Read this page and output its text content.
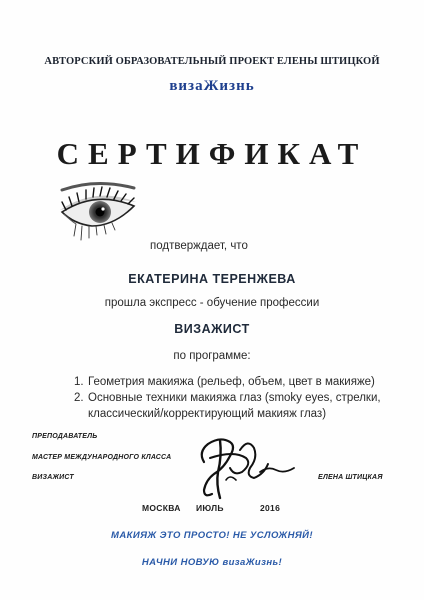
АВТОРСКИЙ ОБРАЗОВАТЕЛЬНЫЙ ПРОЕКТ ЕЛЕНЫ ШТИЦКОЙ
визаЖизнь
СЕРТИФИКАТ
подтверждает, что
ЕКАТЕРИНА ТЕРЕНЖЕВА
прошла экспресс - обучение профессии
ВИЗАЖИСТ
по программе:
1. Геометрия макияжа (рельеф, объем, цвет в макияже)
2. Основные техники макияжа глаз (smoky eyes, стрелки, классический/корректирующий макияж глаз)
ПРЕПОДАВАТЕЛЬ
МАСТЕР МЕЖДУНАРОДНОГО КЛАССА
ВИЗАЖИСТ	ЕЛЕНА ШТИЦКАЯ
МОСКВА ИЮЛЬ	2016
МАКИЯЖ ЭТО ПРОСТО! НЕ УСЛОЖНЯЙ!
НАЧНИ НОВУЮ визаЖизнь!
